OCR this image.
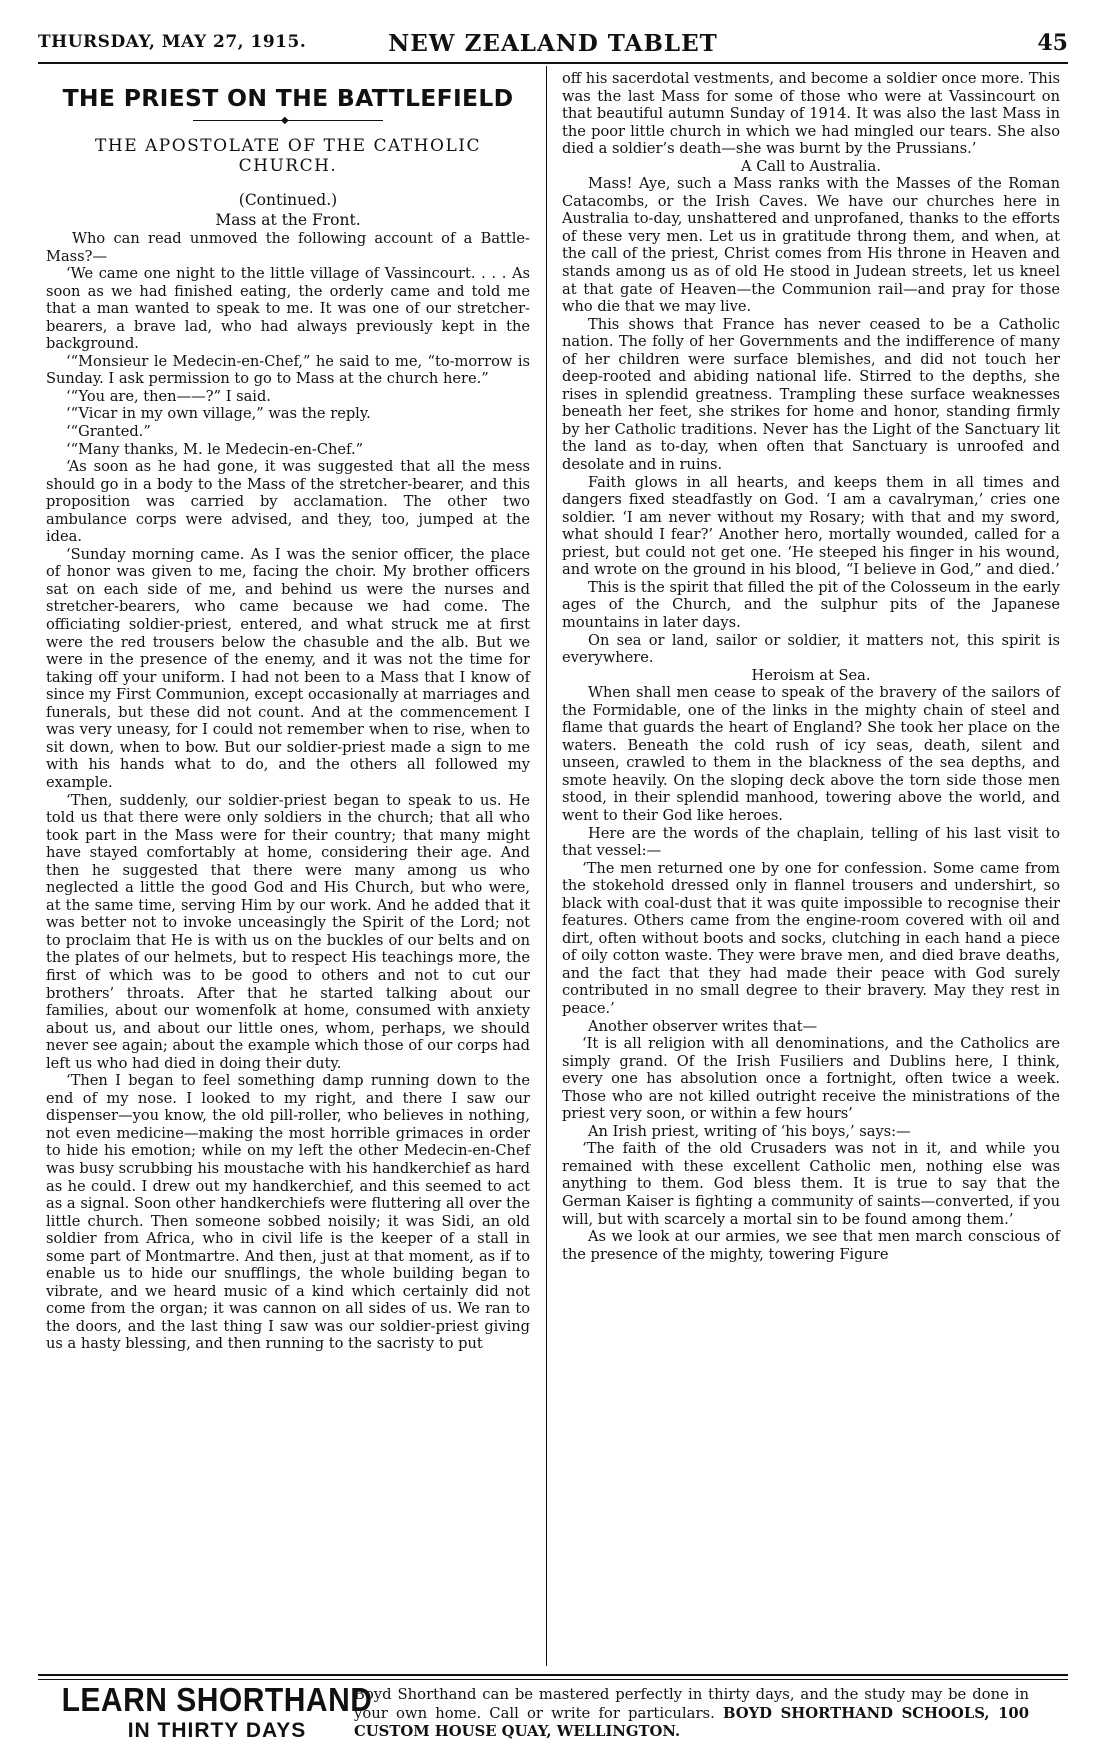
THURSDAY, MAY 27, 1915.	NEW ZEALAND TABLET	45
THE PRIEST ON THE BATTLEFIELD
◆
THE APOSTOLATE OF THE CATHOLIC CHURCH.

(Continued.)

Mass at the Front.

Who can read unmoved the following account of a Battle-Mass?—

‘We came one night to the little village of Vassincourt. . . . As soon as we had finished eating, the orderly came and told me that a man wanted to speak to me. It was one of our stretcher-bearers, a brave lad, who had always previously kept in the background.

‘“Monsieur le Medecin-en-Chef,” he said to me, “to-morrow is Sunday. I ask permission to go to Mass at the church here.”

‘“You are, then——?” I said.

‘“Vicar in my own village,” was the reply.

‘“Granted.”

‘“Many thanks, M. le Medecin-en-Chef.”

‘As soon as he had gone, it was suggested that all the mess should go in a body to the Mass of the stretcher-bearer, and this proposition was carried by acclamation. The other two ambulance corps were advised, and they, too, jumped at the idea.

‘Sunday morning came. As I was the senior officer, the place of honor was given to me, facing the choir. My brother officers sat on each side of me, and behind us were the nurses and stretcher-bearers, who came because we had come. The officiating soldier-priest, entered, and what struck me at first were the red trousers below the chasuble and the alb. But we were in the presence of the enemy, and it was not the time for taking off your uniform. I had not been to a Mass that I know of since my First Communion, except occasionally at marriages and funerals, but these did not count. And at the commencement I was very uneasy, for I could not remember when to rise, when to sit down, when to bow. But our soldier-priest made a sign to me with his hands what to do, and the others all followed my example.

‘Then, suddenly, our soldier-priest began to speak to us. He told us that there were only soldiers in the church; that all who took part in the Mass were for their country; that many might have stayed comfortably at home, considering their age. And then he suggested that there were many among us who neglected a little the good God and His Church, but who were, at the same time, serving Him by our work. And he added that it was better not to invoke unceasingly the Spirit of the Lord; not to proclaim that He is with us on the buckles of our belts and on the plates of our helmets, but to respect His teachings more, the first of which was to be good to others and not to cut our brothers’ throats. After that he started talking about our families, about our womenfolk at home, consumed with anxiety about us, and about our little ones, whom, perhaps, we should never see again; about the example which those of our corps had left us who had died in doing their duty.

‘Then I began to feel something damp running down to the end of my nose. I looked to my right, and there I saw our dispenser—you know, the old pill-roller, who believes in nothing, not even medicine—making the most horrible grimaces in order to hide his emotion; while on my left the other Medecin-en-Chef was busy scrubbing his moustache with his handkerchief as hard as he could. I drew out my handkerchief, and this seemed to act as a signal. Soon other handkerchiefs were fluttering all over the little church. Then someone sobbed noisily; it was Sidi, an old soldier from Africa, who in civil life is the keeper of a stall in some part of Montmartre. And then, just at that moment, as if to enable us to hide our snufflings, the whole building began to vibrate, and we heard music of a kind which certainly did not come from the organ; it was cannon on all sides of us. We ran to the doors, and the last thing I saw was our soldier-priest giving us a hasty blessing, and then running to the sacristy to put

off his sacerdotal vestments, and become a soldier once more. This was the last Mass for some of those who were at Vassincourt on that beautiful autumn Sunday of 1914. It was also the last Mass in the poor little church in which we had mingled our tears. She also died a soldier’s death—she was burnt by the Prussians.’

A Call to Australia.

Mass! Aye, such a Mass ranks with the Masses of the Roman Catacombs, or the Irish Caves. We have our churches here in Australia to-day, unshattered and unprofaned, thanks to the efforts of these very men. Let us in gratitude throng them, and when, at the call of the priest, Christ comes from His throne in Heaven and stands among us as of old He stood in Judean streets, let us kneel at that gate of Heaven—the Communion rail—and pray for those who die that we may live.

This shows that France has never ceased to be a Catholic nation. The folly of her Governments and the indifference of many of her children were surface blemishes, and did not touch her deep-rooted and abiding national life. Stirred to the depths, she rises in splendid greatness. Trampling these surface weaknesses beneath her feet, she strikes for home and honor, standing firmly by her Catholic traditions. Never has the Light of the Sanctuary lit the land as to-day, when often that Sanctuary is unroofed and desolate and in ruins.

Faith glows in all hearts, and keeps them in all times and dangers fixed steadfastly on God. ‘I am a cavalryman,’ cries one soldier. ‘I am never without my Rosary; with that and my sword, what should I fear?’ Another hero, mortally wounded, called for a priest, but could not get one. ‘He steeped his finger in his wound, and wrote on the ground in his blood, “I believe in God,” and died.’

This is the spirit that filled the pit of the Colosseum in the early ages of the Church, and the sulphur pits of the Japanese mountains in later days.

On sea or land, sailor or soldier, it matters not, this spirit is everywhere.

Heroism at Sea.

When shall men cease to speak of the bravery of the sailors of the Formidable, one of the links in the mighty chain of steel and flame that guards the heart of England? She took her place on the waters. Beneath the cold rush of icy seas, death, silent and unseen, crawled to them in the blackness of the sea depths, and smote heavily. On the sloping deck above the torn side those men stood, in their splendid manhood, towering above the world, and went to their God like heroes.

Here are the words of the chaplain, telling of his last visit to that vessel:—

‘The men returned one by one for confession. Some came from the stokehold dressed only in flannel trousers and undershirt, so black with coal-dust that it was quite impossible to recognise their features. Others came from the engine-room covered with oil and dirt, often without boots and socks, clutching in each hand a piece of oily cotton waste. They were brave men, and died brave deaths, and the fact that they had made their peace with God surely contributed in no small degree to their bravery. May they rest in peace.’

Another observer writes that—

‘It is all religion with all denominations, and the Catholics are simply grand. Of the Irish Fusiliers and Dublins here, I think, every one has absolution once a fortnight, often twice a week. Those who are not killed outright receive the ministrations of the priest very soon, or within a few hours’

An Irish priest, writing of ‘his boys,’ says:—

‘The faith of the old Crusaders was not in it, and while you remained with these excellent Catholic men, nothing else was anything to them. God bless them. It is true to say that the German Kaiser is fighting a community of saints—converted, if you will, but with scarcely a mortal sin to be found among them.’

As we look at our armies, we see that men march conscious of the presence of the mighty, towering Figure

LEARN SHORTHAND
IN THIRTY DAYS
Boyd Shorthand can be mastered perfectly in thirty days, and the study may be done in your own home. Call or write for particulars. BOYD SHORTHAND SCHOOLS, 100 CUSTOM HOUSE QUAY, WELLINGTON.
